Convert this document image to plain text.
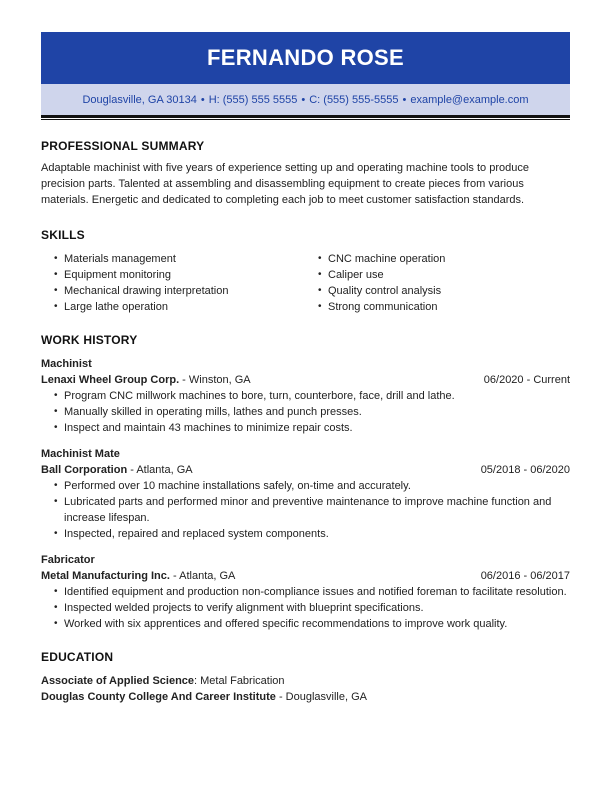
FERNANDO ROSE
Douglasville, GA 30134 • H: (555) 555 5555 • C: (555) 555-5555 • example@example.com
PROFESSIONAL SUMMARY

Adaptable machinist with five years of experience setting up and operating machine tools to produce

precision parts. Talented at assembling and disassembling equipment to create pieces from various

materials. Energetic and dedicated to completing each job to meet customer satisfaction standards.

SKILLS
• Materials management
• Equipment monitoring
• Mechanical drawing interpretation
• Large lathe operation
• CNC machine operation
• Caliper use
• Quality control analysis
• Strong communication
WORK HISTORY
Machinist
Lenaxi Wheel Group Corp. - Winston, GA	06/2020 - Current
• Program CNC millwork machines to bore, turn, counterbore, face, drill and lathe.
• Manually skilled in operating mills, lathes and punch presses.
• Inspect and maintain 43 machines to minimize repair costs.
Machinist Mate
Ball Corporation - Atlanta, GA	05/2018 - 06/2020
• Performed over 10 machine installations safely, on-time and accurately.
• Lubricated parts and performed minor and preventive maintenance to improve machine function and increase lifespan.
• Inspected, repaired and replaced system components.
Fabricator
Metal Manufacturing Inc. - Atlanta, GA	06/2016 - 06/2017
• Identified equipment and production non-compliance issues and notified foreman to facilitate resolution.
• Inspected welded projects to verify alignment with blueprint specifications.
• Worked with six apprentices and offered specific recommendations to improve work quality.
EDUCATION
Associate of Applied Science: Metal Fabrication
Douglas County College And Career Institute - Douglasville, GA
